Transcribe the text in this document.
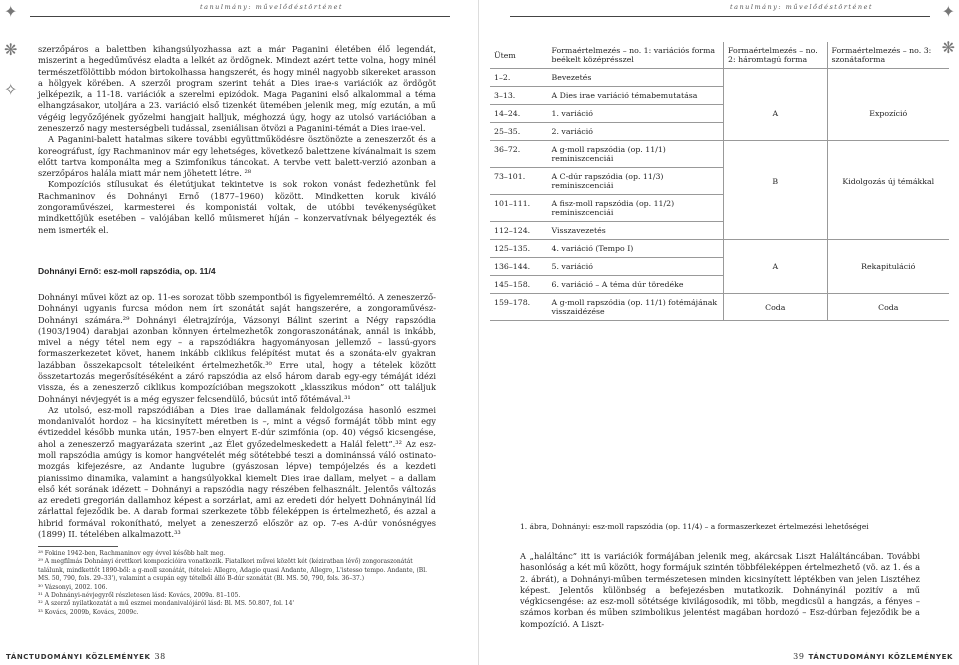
✦
❋
✧
tanulmány: művelődéstörténet

szerzőpáros a balettben kihangsúlyozhassa azt a már Paganini életében élő legendát, miszerint a hegedűművész eladta a lelkét az ördögnek. Mindezt azért tette volna, hogy minél természetfölöttibb módon birtokolhassa hangszerét, és hogy minél nagyobb sikereket arasson a hölgyek körében. A szerzői program szerint tehát a Dies irae-s variációk az ördögöt jelképezik, a 11-18. variációk a szerelmi epizódok. Maga Paganini első alkalommal a téma elhangzásakor, utoljára a 23. variáció első tizenkét ütemében jelenik meg, míg ezután, a mű végéig legyőzőjének győzelmi hangjait halljuk, méghozzá úgy, hogy az utolsó variációban a zeneszerző nagy mesterségbeli tudással, zseniálisan ötvözi a Paganini-témát a Dies irae-vel.

A Paganini-balett hatalmas sikere további együttműködésre ösztönözte a zeneszerzőt és a koreográfust, így Rachmaninov már egy lehetséges, következő balettzene kívánalmait is szem előtt tartva komponálta meg a Szimfonikus táncokat. A tervbe vett balett-verzió azonban a szerzőpáros halála miatt már nem jöhetett létre. ²⁸

Kompozíciós stílusukat és életútjukat tekintetve is sok rokon vonást fedezhetünk fel Rachmaninov és Dohnányi Ernő (1877–1960) között. Mindketten koruk kiváló zongoraművészei, karmesterei és komponistái voltak, de utóbbi tevékenységüket mindkettőjük esetében – valójában kellő műismeret híján – konzervatívnak bélyegezték és nem ismerték el.

Dohnányi Ernő: esz-moll rapszódia, op. 11/4

Dohnányi művei közt az op. 11-es sorozat több szempontból is figyelemreméltó. A zeneszerző-Dohnányi ugyanis furcsa módon nem írt szonátát saját hangszerére, a zongoraművész-Dohnányi számára.²⁹ Dohnányi életrajzírója, Vázsonyi Bálint szerint a Négy rapszódia (1903/1904) darabjai azonban könnyen értelmezhetők zongoraszonátának, annál is inkább, mivel a négy tétel nem egy – a rapszódiákra hagyományosan jellemző – lassú-gyors formaszerkezetet követ, hanem inkább ciklikus felépítést mutat és a szonáta-elv gyakran lazábban összekapcsolt tételeiként értelmezhetők.³⁰ Erre utal, hogy a tételek között összetartozás megerősítéséként a záró rapszódia az első három darab egy-egy témáját idézi vissza, és a zeneszerző ciklikus kompozícióban megszokott „klasszikus módon” ott találjuk Dohnányi névjegyét is a még egyszer felcsendülő, búcsút intő főtémával.³¹

Az utolsó, esz-moll rapszódiában a Dies irae dallamának feldolgozása hasonló eszmei mondanivalót hordoz – ha kicsinyített méretben is –, mint a végső formáját több mint egy évtizeddel később munka után, 1957-ben elnyert E-dúr szimfónia (op. 40) végső kicsengése, ahol a zeneszerző magyarázata szerint „az Élet győzedelmeskedett a Halál felett”.³² Az esz-moll rapszódia amúgy is komor hangvételét még sötétebbé teszi a dominánssá váló ostinato-mozgás kifejezésre, az Andante lugubre (gyászosan lépve) tempójelzés és a kezdeti pianissimo dinamika, valamint a hangsúlyokkal kiemelt Dies irae dallam, melyet – a dallam első két sorának idézett – Dohnányi a rapszódia nagy részében felhasznált. Jelentős változás az eredeti gregorián dallamhoz képest a sorzárlat, ami az eredeti dór helyett Dohnányinál líd zárlattal fejeződik be. A darab formai szerkezete több féleképpen is értelmezhető, és azzal a hibrid formával rokonítható, melyet a zeneszerző először az op. 7-es A-dúr vonósnégyes (1899) II. tételében alkalmazott.³³

²⁸ Fokine 1942-ben, Rachmaninov egy évvel később halt meg.
²⁹ A megfilmás Dohnányi érettkori kompozícióira vonatkozik. Fiatalkori művei között két (kéziratban lévő) zongoraszonátát találunk, mindkettőt 1890-ből: a g-moll szonátát, (tételei: Allegro, Adagio quasi Andante, Allegro, L'istesso tempo. Andante, (Bl. MS. 50, 790, fols. 29–33'), valamint a csupán egy tételből álló B-dúr szonátát (Bl. MS. 50, 790, fols. 36–37.)
³⁰ Vázsonyi, 2002. 106.
³¹ A Dohnányi-névjegyről részletesen lásd: Kovács, 2009a. 81–105.
³² A szerző nyilatkozatát a mű eszmei mondanivalójáról lásd: Bl. MS. 50.807, fol. 14'
³³ Kovács, 2009b, Kovács, 2009c.
TÁNCTUDOMÁNYI KÖZLEMÉNYEK 38
tanulmány: művelődéstörténet	✦
❋
Ütem	Formaértelmezés – no. 1: variációs forma beékelt középrésszel	Formaértelmezés – no. 2: háromtagú forma	Formaértelmezés – no. 3: szonátaforma
1–2.	Bevezetés		
3–13.	A Dies irae variáció témabemutatása		
14–24.	1. variáció	A	Expozíció
25–35.	2. variáció		
36–72.	A g-moll rapszódia (op. 11/1) reminiszcenciái		
73–101.	A C-dúr rapszódia (op. 11/3) reminiszcenciái	B	Kidolgozás új témákkal
101–111.	A fisz-moll rapszódia (op. 11/2) reminiszcenciái		
112–124.	Visszavezetés		
125–135.	4. variáció (Tempo I)		
136–144.	5. variáció	A	Rekapituláció
145–158.	6. variáció – A téma dúr töredéke		
159–178.	A g-moll rapszódia (op. 11/1) fotémájának visszaidézése	Coda	Coda
1. ábra, Dohnányi: esz-moll rapszódia (op. 11/4) – a formaszerkezet értelmezési lehetőségei
A „haláltánc” itt is variációk formájában jelenik meg, akárcsak Liszt Haláltáncában. További hasonlóság a két mű között, hogy formájuk szintén többféleképpen értelmezhető (vö. az 1. és a 2. ábrát), a Dohnányi-műben természetesen minden kicsinyített léptékben van jelen Lisztéhez képest. Jelentős különbség a befejezésben mutatkozik. Dohnányinál pozitív a mű végkicsengése: az esz-moll sötétsége kivilágosodik, mi több, megdicsül a hangzás, a fényes – számos korban és műben szimbolikus jelentést magában hordozó – Esz-dúrban fejeződik be a kompozíció. A Liszt-
39 TÁNCTUDOMÁNYI KÖZLEMÉNYEK
